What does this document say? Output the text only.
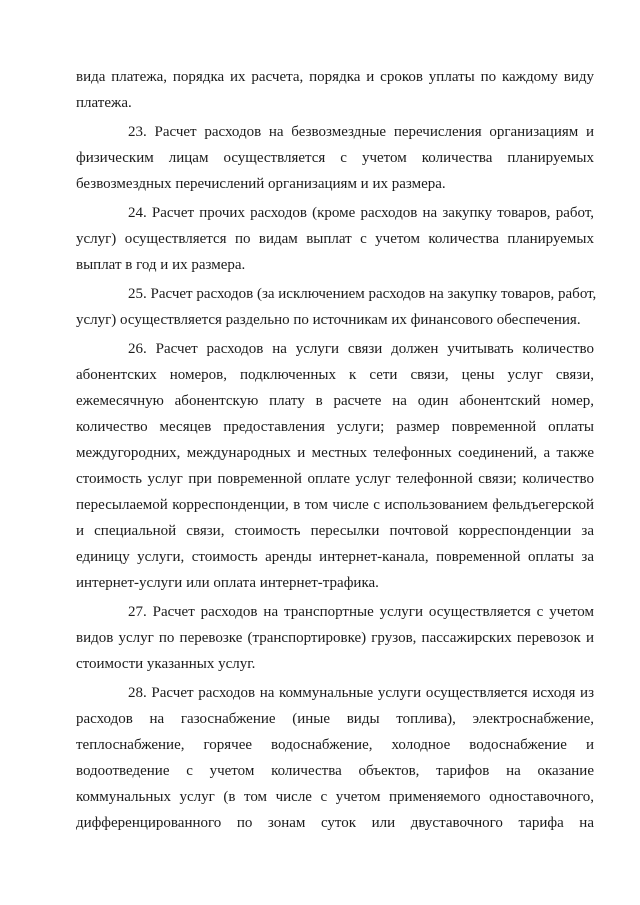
вида платежа, порядка их расчета, порядка и сроков уплаты по каждому виду
платежа.
23. Расчет расходов на безвозмездные перечисления организациям и
физическим лицам осуществляется с учетом количества планируемых
безвозмездных перечислений организациям и их размера.
24. Расчет прочих расходов (кроме расходов на закупку товаров, работ,
услуг) осуществляется по видам выплат с учетом количества планируемых
выплат в год и их размера.
25. Расчет расходов (за исключением расходов на закупку товаров, работ,
услуг) осуществляется раздельно по источникам их финансового обеспечения.
26. Расчет расходов на услуги связи должен учитывать количество
абонентских номеров, подключенных к сети связи, цены услуг связи,
ежемесячную абонентскую плату в расчете на один абонентский номер,
количество месяцев предоставления услуги; размер повременной оплаты
междугородних, международных и местных телефонных соединений, а также
стоимость услуг при повременной оплате услуг телефонной связи; количество
пересылаемой корреспонденции, в том числе с использованием фельдъегерской
и специальной связи, стоимость пересылки почтовой корреспонденции за
единицу услуги, стоимость аренды интернет-канала, повременной оплаты за
интернет-услуги или оплата интернет-трафика.
27. Расчет расходов на транспортные услуги осуществляется с учетом
видов услуг по перевозке (транспортировке) грузов, пассажирских перевозок и
стоимости указанных услуг.
28. Расчет расходов на коммунальные услуги осуществляется исходя из
расходов на газоснабжение (иные виды топлива), электроснабжение,
теплоснабжение, горячее водоснабжение, холодное водоснабжение и
водоотведение с учетом количества объектов, тарифов на оказание
коммунальных услуг (в том числе с учетом применяемого одноставочного,
дифференцированного по зонам суток или двуставочного тарифа на
